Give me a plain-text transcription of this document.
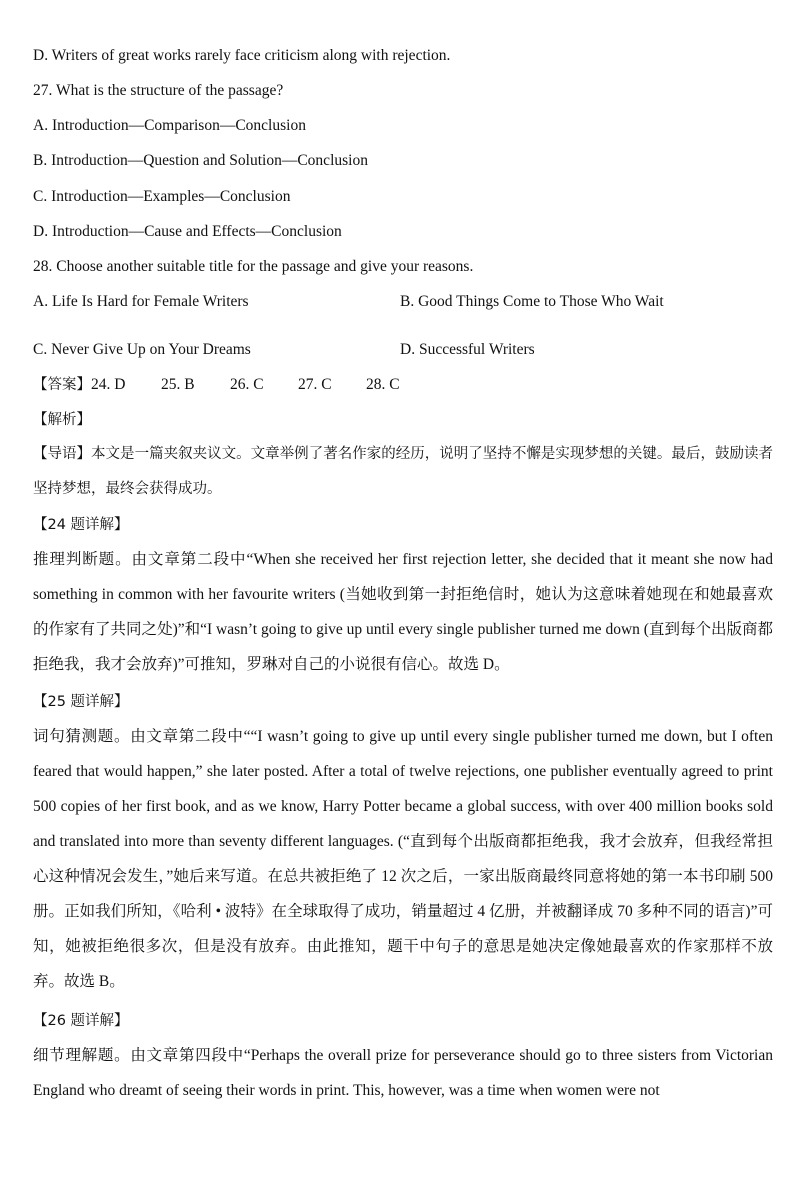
D. Writers of great works rarely face criticism along with rejection.
27. What is the structure of the passage?
A. Introduction—Comparison—Conclusion
B. Introduction—Question and Solution—Conclusion
C. Introduction—Examples—Conclusion
D. Introduction—Cause and Effects—Conclusion
28. Choose another suitable title for the passage and give your reasons.
A. Life Is Hard for Female Writers	B. Good Things Come to Those Who Wait
C. Never Give Up on Your Dreams	D. Successful Writers
【答案】24. D 25. B 26. C 27. C 28. C
【解析】

【导语】本文是一篇夹叙夹议文。文章举例了著名作家的经历，说明了坚持不懈是实现梦想的关键。最后，鼓励读者坚持梦想，最终会获得成功。

【24 题详解】

推理判断题。由文章第二段中“When she received her first rejection letter, she decided that it meant she now had something in common with her favourite writers (当她收到第一封拒绝信时，她认为这意味着她现在和她最喜欢的作家有了共同之处)”和“I wasn’t going to give up until every single publisher turned me down (直到每个出版商都拒绝我，我才会放弃)”可推知，罗琳对自己的小说很有信心。故选 D。

【25 题详解】

词句猜测题。由文章第二段中““I wasn’t going to give up until every single publisher turned me down, but I often feared that would happen,” she later posted. After a total of twelve rejections, one publisher eventually agreed to print 500 copies of her first book, and as we know, Harry Potter became a global success, with over 400 million books sold and translated into more than seventy different languages. (“直到每个出版商都拒绝我，我才会放弃，但我经常担心这种情况会发生，”她后来写道。在总共被拒绝了 12 次之后，一家出版商最终同意将她的第一本书印刷 500 册。正如我们所知，《哈利 • 波特》在全球取得了成功，销量超过 4 亿册，并被翻译成 70 多种不同的语言)”可知，她被拒绝很多次，但是没有放弃。由此推知，题干中句子的意思是她决定像她最喜欢的作家那样不放弃。故选 B。

【26 题详解】

细节理解题。由文章第四段中“Perhaps the overall prize for perseverance should go to three sisters from Victorian England who dreamt of seeing their words in print. This, however, was a time when women were not
